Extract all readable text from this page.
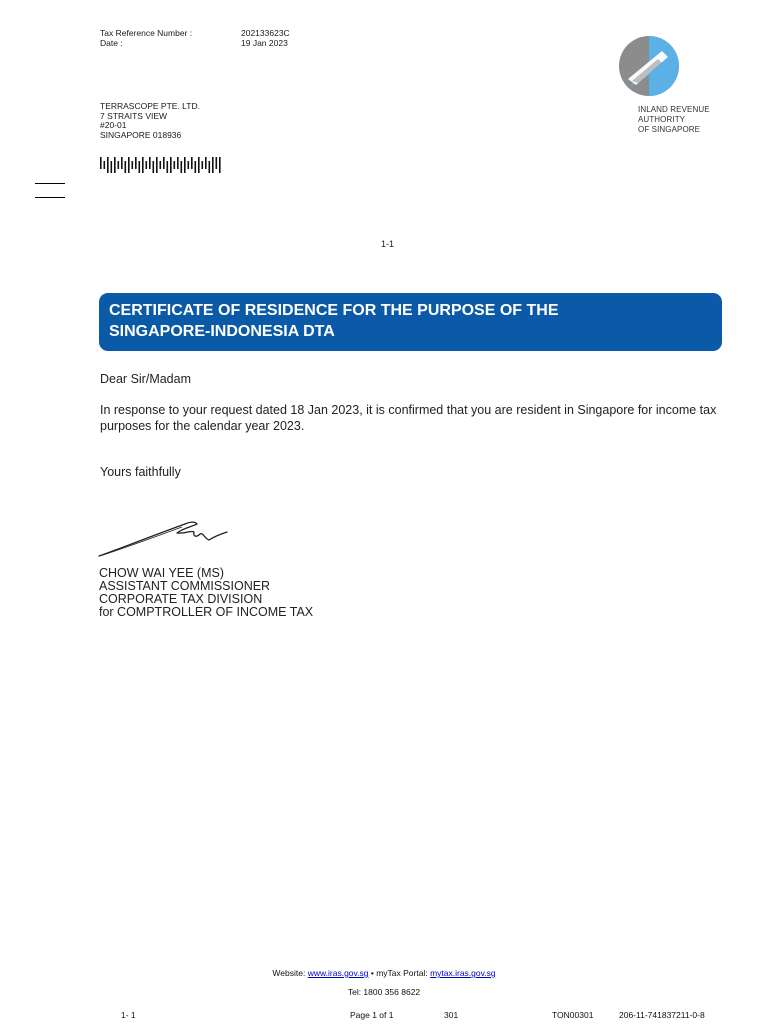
Tax Reference Number :	202133623C
Date :	19 Jan 2023
TERRASCOPE PTE. LTD.
7 STRAITS VIEW
#20-01
SINGAPORE 018936
INLAND REVENUE
AUTHORITY
OF SINGAPORE
1-1
CERTIFICATE OF RESIDENCE FOR THE PURPOSE OF THE
SINGAPORE-INDONESIA DTA
Dear Sir/Madam
In response to your request dated 18 Jan 2023, it is confirmed that you are resident in Singapore for income tax purposes for the calendar year 2023.
Yours faithfully
CHOW WAI YEE (MS)
ASSISTANT COMMISSIONER
CORPORATE TAX DIVISION
for COMPTROLLER OF INCOME TAX
Website: www.iras.gov.sg • myTax Portal: mytax.iras.gov.sg
Tel: 1800 356 8622
1- 1	Page 1 of 1	301	TON00301	206-11-741837211-0-8
